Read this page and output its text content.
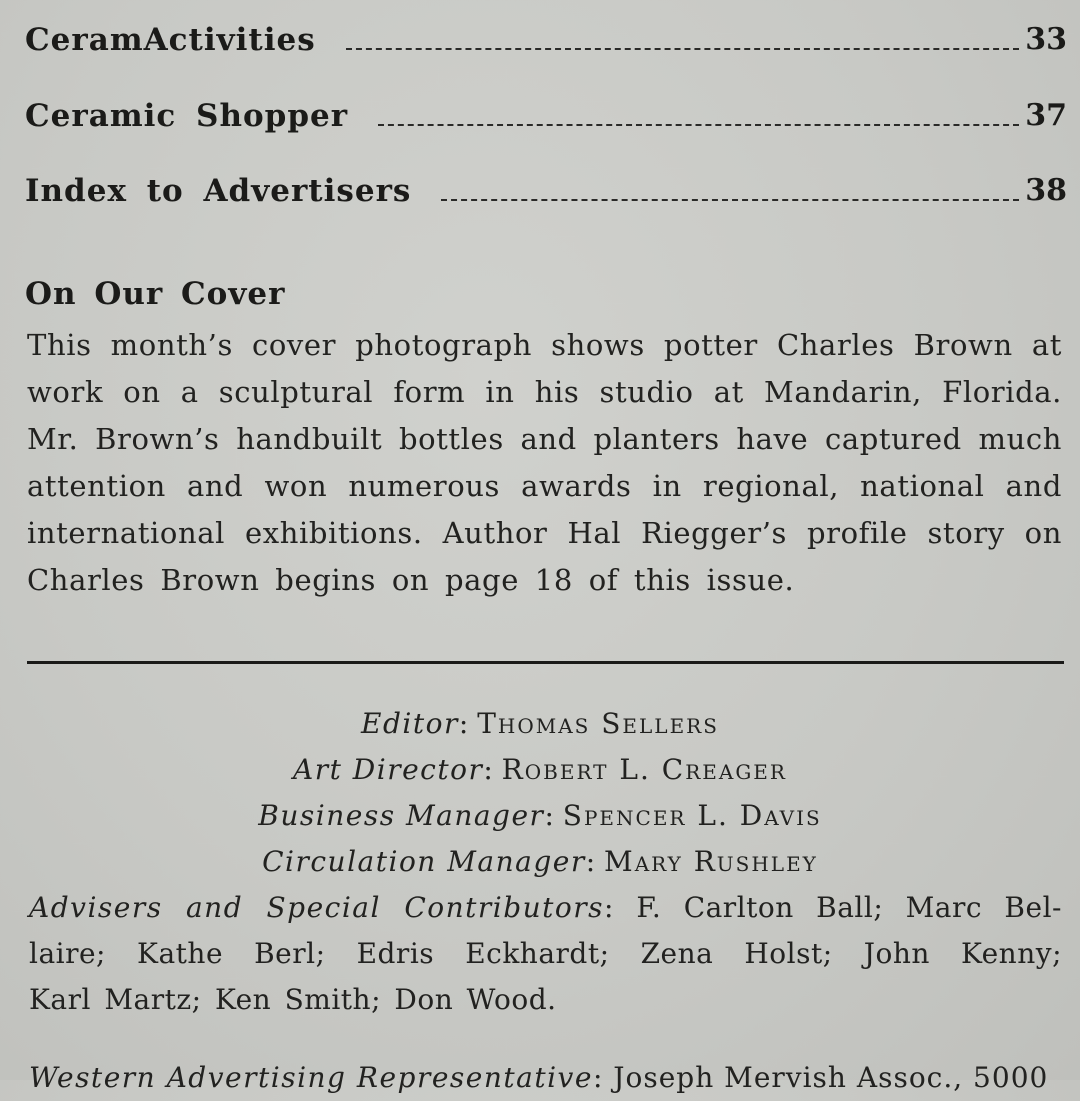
CeramActivities	33
Ceramic Shopper	37
Index to Advertisers	38
On Our Cover
This month’s cover photograph shows potter Charles Brown at
work on a sculptural form in his studio at Mandarin, Florida.
Mr. Brown’s handbuilt bottles and planters have captured much
attention and won numerous awards in regional, national and
international exhibitions. Author Hal Riegger’s profile story on
Charles Brown begins on page 18 of this issue.
Editor: Thomas Sellers
Art Director: Robert L. Creager
Business Manager: Spencer L. Davis
Circulation Manager: Mary Rushley
Advisers and Special Contributors: F. Carlton Ball; Marc Bel-
laire; Kathe Berl; Edris Eckhardt; Zena Holst; John Kenny;
Karl Martz; Ken Smith; Don Wood.
Western Advertising Representative: Joseph Mervish Assoc., 5000
